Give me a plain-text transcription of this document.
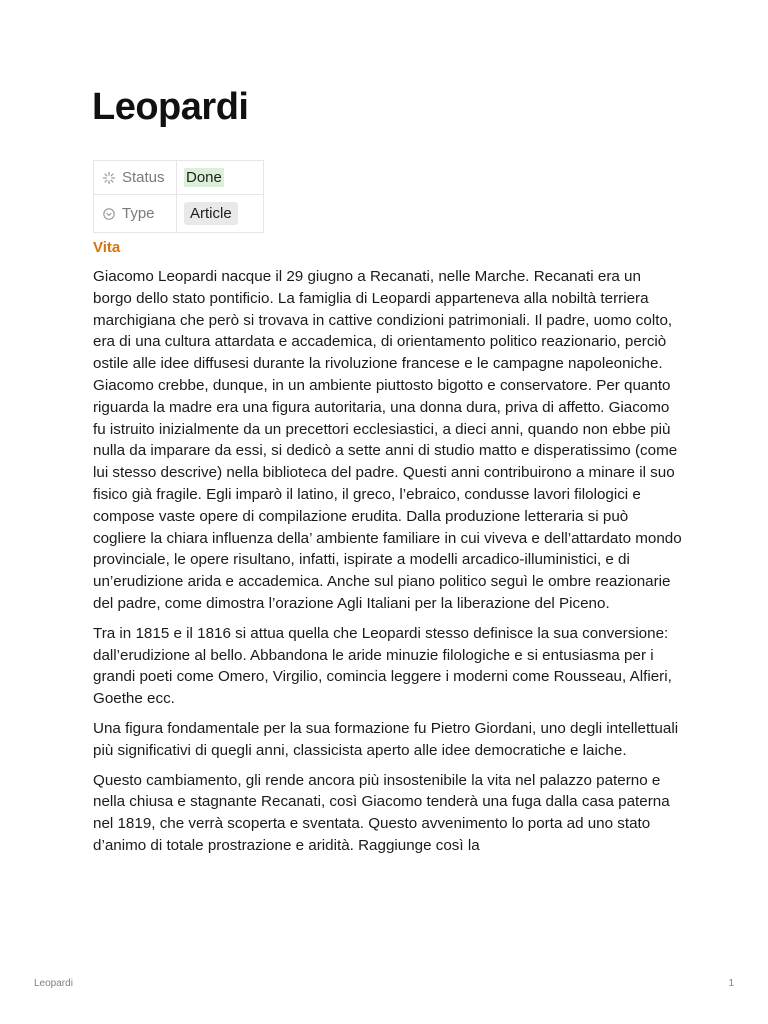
Leopardi
Status	Done

Type	Article
Vita

Giacomo Leopardi nacque il 29 giugno a Recanati, nelle Marche. Recanati era un borgo dello stato pontificio. La famiglia di Leopardi apparteneva alla nobiltà terriera marchigiana che però si trovava in cattive condizioni patrimoniali. Il padre, uomo colto, era di una cultura attardata e accademica, di orientamento politico reazionario, perciò ostile alle idee diffusesi durante la rivoluzione francese e le campagne napoleoniche. Giacomo crebbe, dunque, in un ambiente piuttosto bigotto e conservatore. Per quanto riguarda la madre era una figura autoritaria, una donna dura, priva di affetto. Giacomo fu istruito inizialmente da un precettori ecclesiastici, a dieci anni, quando non ebbe più nulla da imparare da essi, si dedicò a sette anni di studio matto e disperatissimo (come lui stesso descrive) nella biblioteca del padre. Questi anni contribuirono a minare il suo fisico già fragile. Egli imparò il latino, il greco, l’ebraico, condusse lavori filologici e compose vaste opere di compilazione erudita. Dalla produzione letteraria si può cogliere la chiara influenza della’ ambiente familiare in cui viveva e dell’attardato mondo provinciale, le opere risultano, infatti, ispirate a modelli arcadico-illuministici, e di un’erudizione arida e accademica. Anche sul piano politico seguì le ombre reazionarie del padre, come dimostra l’orazione Agli Italiani per la liberazione del Piceno.

Tra in 1815 e il 1816 si attua quella che Leopardi stesso definisce la sua conversione: dall’erudizione al bello. Abbandona le aride minuzie filologiche e si entusiasma per i grandi poeti come Omero, Virgilio, comincia leggere i moderni come Rousseau, Alfieri, Goethe ecc.

Una figura fondamentale per la sua formazione fu Pietro Giordani, uno degli intellettuali più significativi di quegli anni, classicista aperto alle idee democratiche e laiche.

Questo cambiamento, gli rende ancora più insostenibile la vita nel palazzo paterno e nella chiusa e stagnante Recanati, così Giacomo tenderà una fuga dalla casa paterna nel 1819, che verrà scoperta e sventata. Questo avvenimento lo porta ad uno stato d’animo di totale prostrazione e aridità. Raggiunge così la

Leopardi	1
